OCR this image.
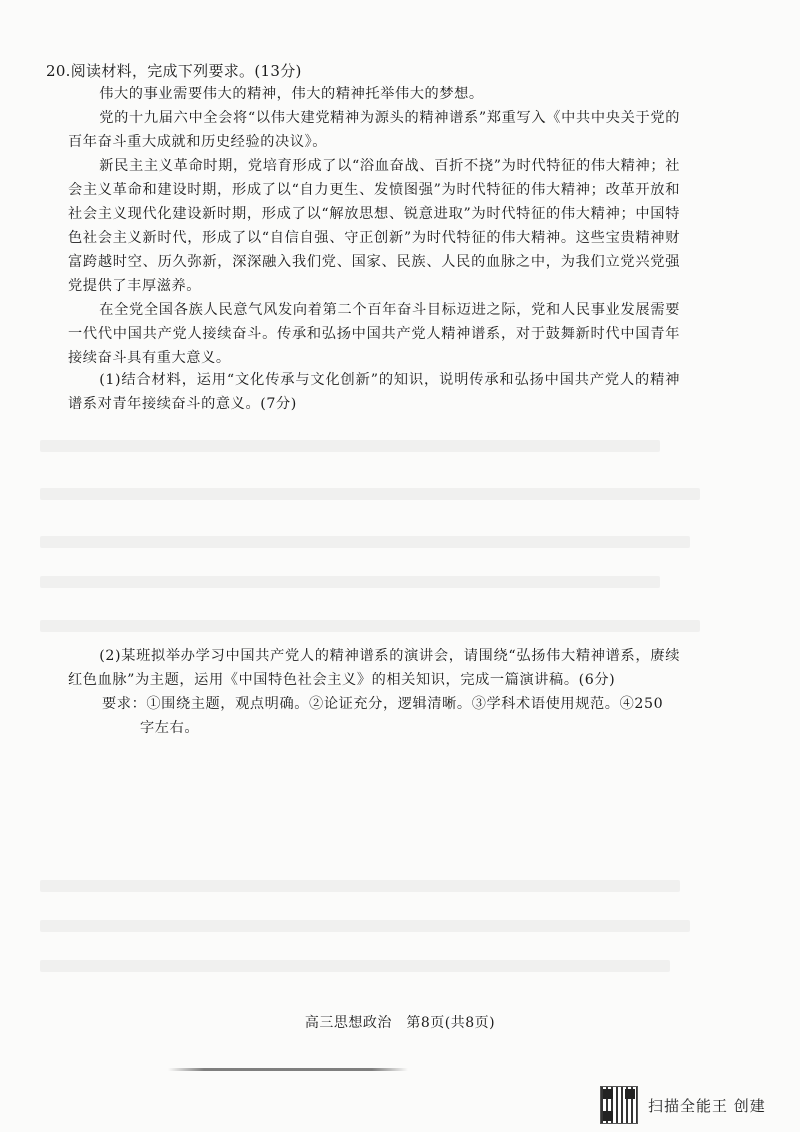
20.阅读材料，完成下列要求。(13分)
伟大的事业需要伟大的精神，伟大的精神托举伟大的梦想。
党的十九届六中全会将“以伟大建党精神为源头的精神谱系”郑重写入《中共中央关于党的百年奋斗重大成就和历史经验的决议》。
新民主主义革命时期，党培育形成了以“浴血奋战、百折不挠”为时代特征的伟大精神；社会主义革命和建设时期，形成了以“自力更生、发愤图强”为时代特征的伟大精神；改革开放和社会主义现代化建设新时期，形成了以“解放思想、锐意进取”为时代特征的伟大精神；中国特色社会主义新时代，形成了以“自信自强、守正创新”为时代特征的伟大精神。这些宝贵精神财富跨越时空、历久弥新，深深融入我们党、国家、民族、人民的血脉之中，为我们立党兴党强党提供了丰厚滋养。
在全党全国各族人民意气风发向着第二个百年奋斗目标迈进之际，党和人民事业发展需要一代代中国共产党人接续奋斗。传承和弘扬中国共产党人精神谱系，对于鼓舞新时代中国青年接续奋斗具有重大意义。
(1)结合材料，运用“文化传承与文化创新”的知识，说明传承和弘扬中国共产党人的精神谱系对青年接续奋斗的意义。(7分)
(2)某班拟举办学习中国共产党人的精神谱系的演讲会，请围绕“弘扬伟大精神谱系，赓续红色血脉”为主题，运用《中国特色社会主义》的相关知识，完成一篇演讲稿。(6分)
要求：①围绕主题，观点明确。②论证充分，逻辑清晰。③学科术语使用规范。④250
字左右。
高三思想政治　第8页(共8页)
扫描全能王 创建
